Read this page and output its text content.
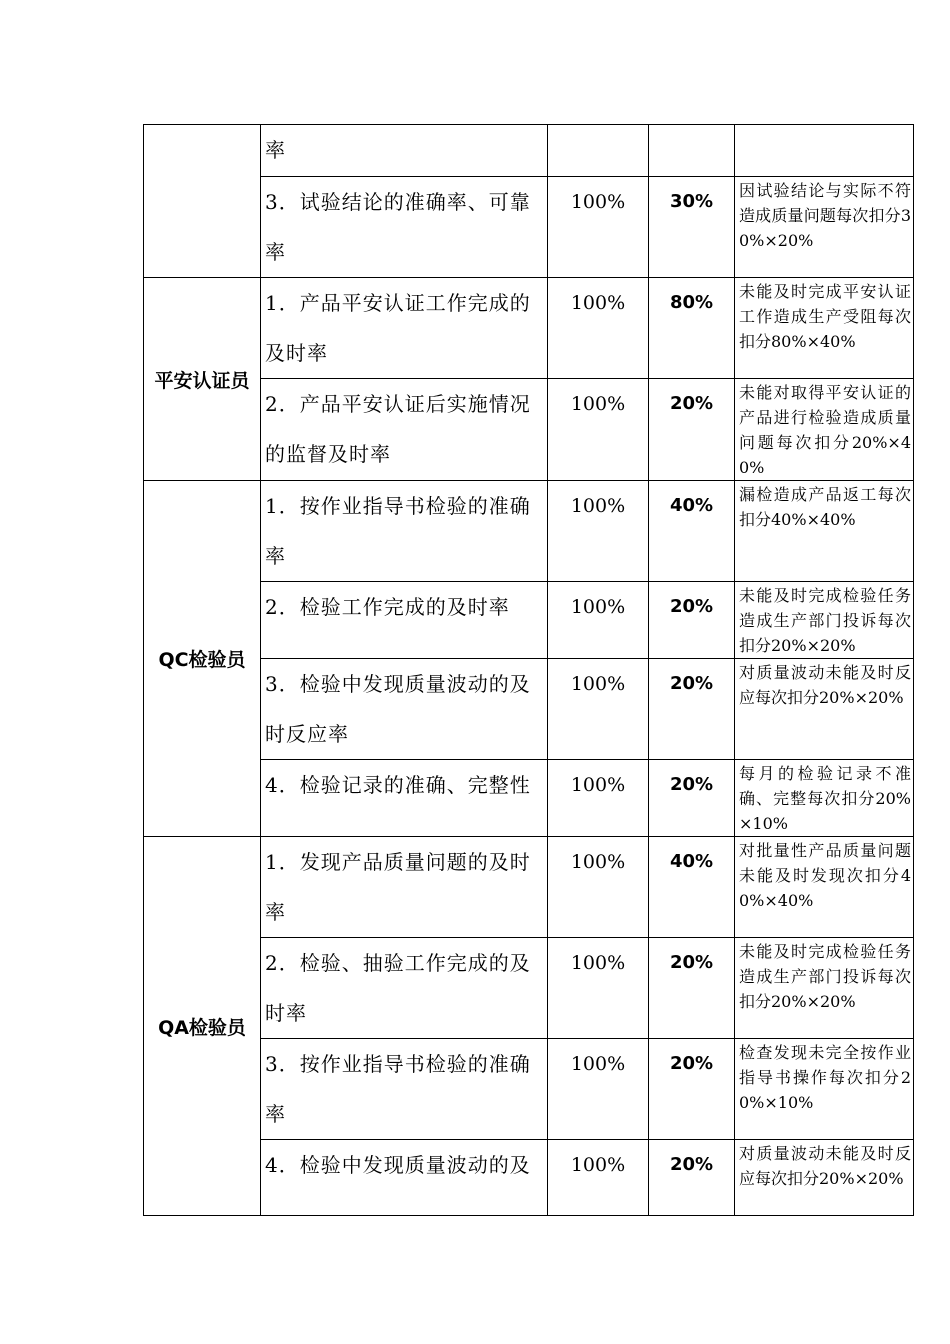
	率			
	3．试验结论的准确率、可靠率	100%	30%	因试验结论与实际不符造成质量问题每次扣分30%×20%
平安认证员	1．产品平安认证工作完成的及时率	100%	80%	未能及时完成平安认证工作造成生产受阻每次扣分80%×40%
	2．产品平安认证后实施情况的监督及时率	100%	20%	未能对取得平安认证的产品进行检验造成质量问题每次扣分20%×40%
QC检验员	1．按作业指导书检验的准确率	100%	40%	漏检造成产品返工每次扣分40%×40%
	2．检验工作完成的及时率	100%	20%	未能及时完成检验任务造成生产部门投诉每次扣分20%×20%
	3．检验中发现质量波动的及时反应率	100%	20%	对质量波动未能及时反应每次扣分20%×20%
	4．检验记录的准确、完整性	100%	20%	每月的检验记录不准确、完整每次扣分20%×10%
QA检验员	1．发现产品质量问题的及时率	100%	40%	对批量性产品质量问题未能及时发现次扣分40%×40%
	2．检验、抽验工作完成的及时率	100%	20%	未能及时完成检验任务造成生产部门投诉每次扣分20%×20%
	3．按作业指导书检验的准确率	100%	20%	检查发现未完全按作业指导书操作每次扣分20%×10%
	4．检验中发现质量波动的及	100%	20%	对质量波动未能及时反应每次扣分20%×20%
